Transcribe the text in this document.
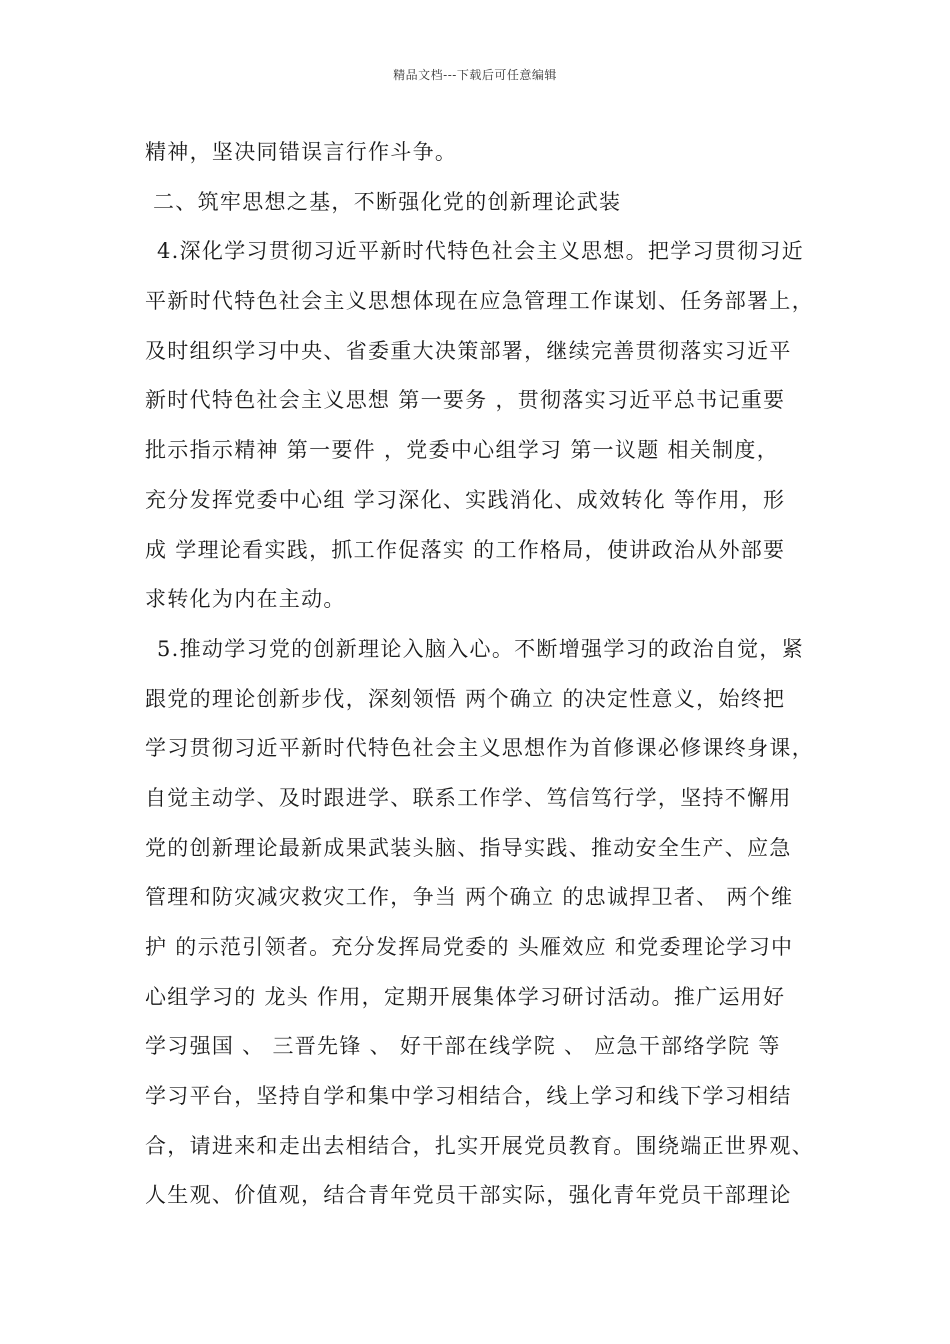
精品文档---下载后可任意编辑
精神，坚决同错误言行作斗争。
二、筑牢思想之基，不断强化党的创新理论武装
4.深化学习贯彻习近平新时代特色社会主义思想。把学习贯彻习近
平新时代特色社会主义思想体现在应急管理工作谋划、任务部署上，
及时组织学习中央、省委重大决策部署，继续完善贯彻落实习近平
新时代特色社会主义思想 第一要务 ，贯彻落实习近平总书记重要
批示指示精神 第一要件 ，党委中心组学习 第一议题 相关制度，
充分发挥党委中心组 学习深化、实践消化、成效转化 等作用，形
成 学理论看实践，抓工作促落实 的工作格局，使讲政治从外部要
求转化为内在主动。
5.推动学习党的创新理论入脑入心。不断增强学习的政治自觉，紧
跟党的理论创新步伐，深刻领悟 两个确立 的决定性意义，始终把
学习贯彻习近平新时代特色社会主义思想作为首修课必修课终身课，
自觉主动学、及时跟进学、联系工作学、笃信笃行学，坚持不懈用
党的创新理论最新成果武装头脑、指导实践、推动安全生产、应急
管理和防灾减灾救灾工作，争当 两个确立 的忠诚捍卫者、 两个维
护 的示范引领者。充分发挥局党委的 头雁效应 和党委理论学习中
心组学习的 龙头 作用，定期开展集体学习研讨活动。推广运用好
学习强国 、 三晋先锋 、 好干部在线学院 、 应急干部络学院 等
学习平台，坚持自学和集中学习相结合，线上学习和线下学习相结
合，请进来和走出去相结合，扎实开展党员教育。围绕端正世界观、
人生观、价值观，结合青年党员干部实际，强化青年党员干部理论
